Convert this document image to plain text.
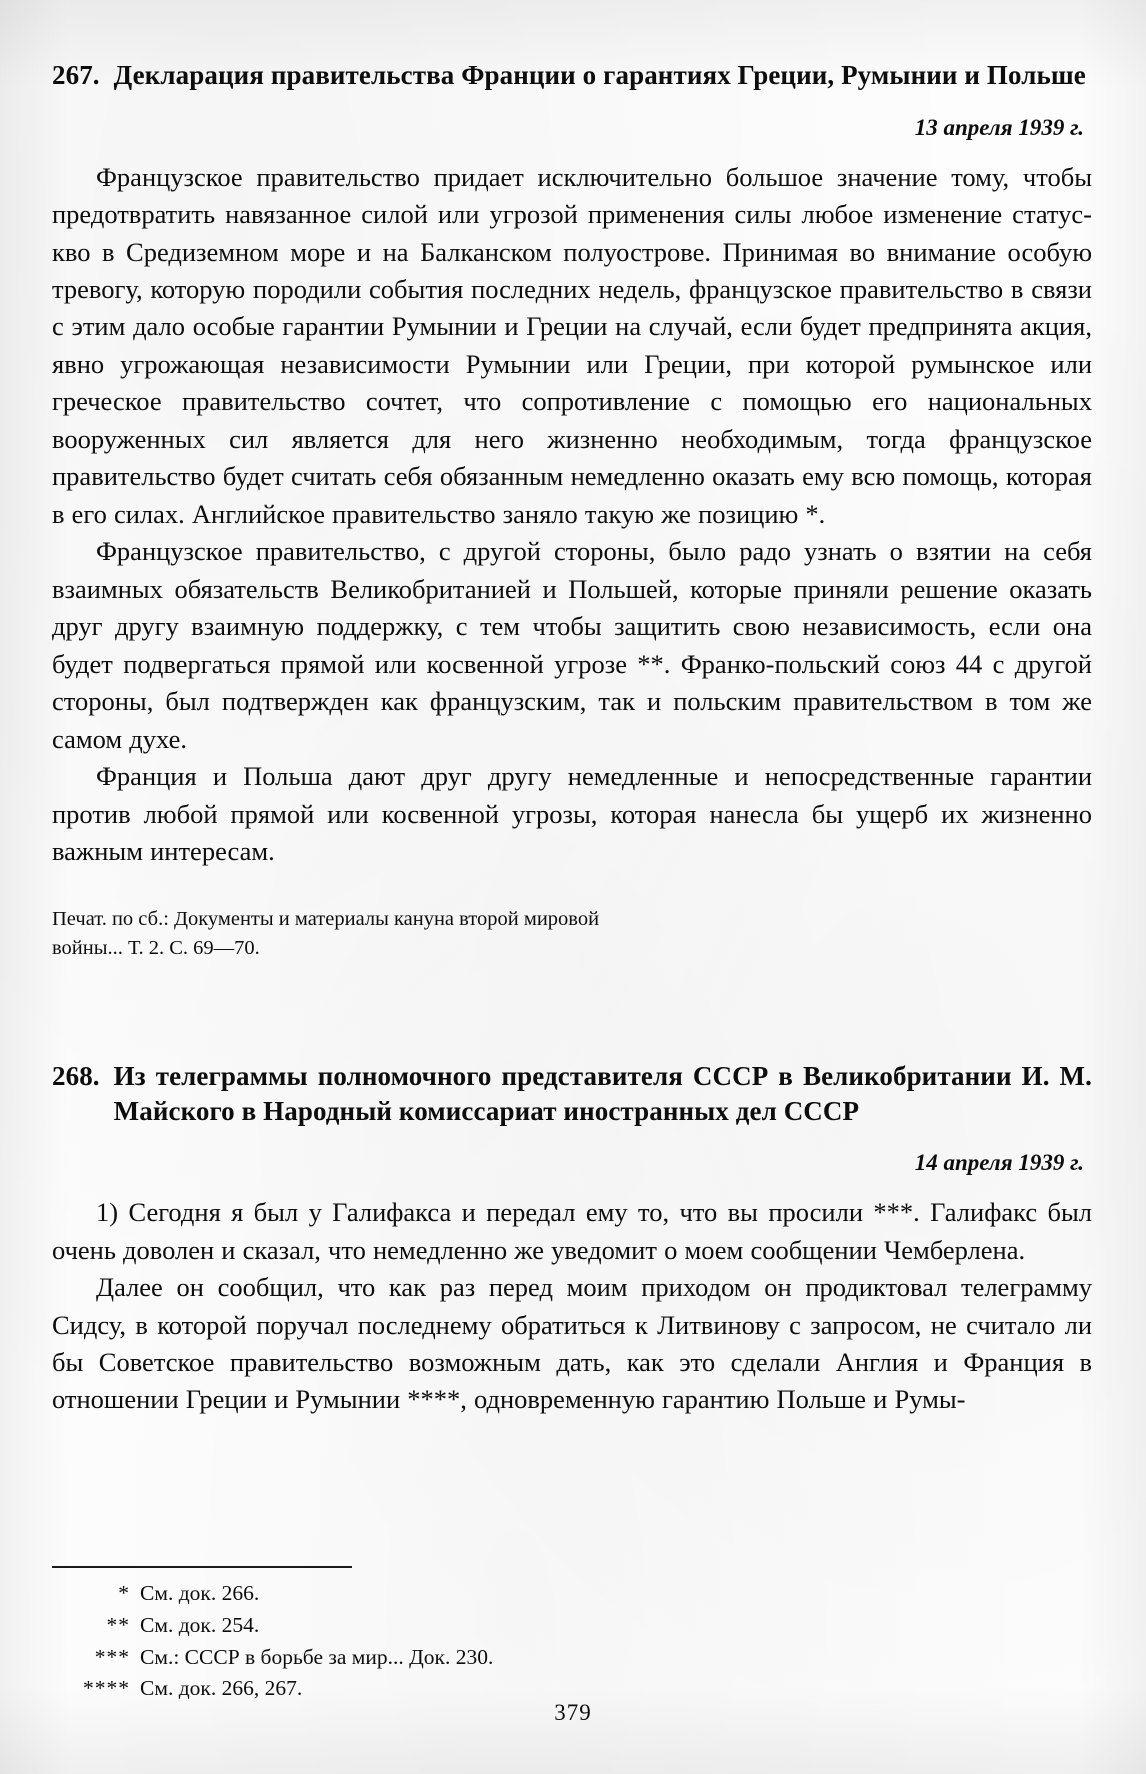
267. Декларация правительства Франции о гарантиях Греции, Румынии и Польше
13 апреля 1939 г.

Французское правительство придает исключительно большое значение тому, чтобы предотвратить навязанное силой или угрозой применения силы любое изменение статус-кво в Средиземном море и на Балканском полуострове. Принимая во внимание особую тревогу, которую породили события последних недель, французское правительство в связи с этим дало особые гарантии Румынии и Греции на случай, если будет предпринята акция, явно угрожающая независимости Румынии или Греции, при которой румынское или греческое правительство сочтет, что сопротивление с помощью его национальных вооруженных сил является для него жизненно необходимым, тогда французское правительство будет считать себя обязанным немедленно оказать ему всю помощь, которая в его силах. Английское правительство заняло такую же позицию *.

Французское правительство, с другой стороны, было радо узнать о взятии на себя взаимных обязательств Великобританией и Польшей, которые приняли решение оказать друг другу взаимную поддержку, с тем чтобы защитить свою независимость, если она будет подвергаться прямой или косвенной угрозе **. Франко-польский союз 44 с другой стороны, был подтвержден как французским, так и польским правительством в том же самом духе.

Франция и Польша дают друг другу немедленные и непосредственные гарантии против любой прямой или косвенной угрозы, которая нанесла бы ущерб их жизненно важным интересам.

Печат. по сб.: Документы и материалы кануна второй мировой войны... Т. 2. С. 69—70.
268. Из телеграммы полномочного представителя СССР в Великобритании И. М. Майского в Народный комиссариат иностранных дел СССР
14 апреля 1939 г.

1) Сегодня я был у Галифакса и передал ему то, что вы просили ***. Галифакс был очень доволен и сказал, что немедленно же уведомит о моем сообщении Чемберлена.

Далее он сообщил, что как раз перед моим приходом он продиктовал телеграмму Сидсу, в которой поручал последнему обратиться к Литвинову с запросом, не считало ли бы Советское правительство возможным дать, как это сделали Англия и Франция в отношении Греции и Румынии ****, одновременную гарантию Польше и Румы-

* См. док. 266.
** См. док. 254.
*** См.: СССР в борьбе за мир... Док. 230.
**** См. док. 266, 267.
379
